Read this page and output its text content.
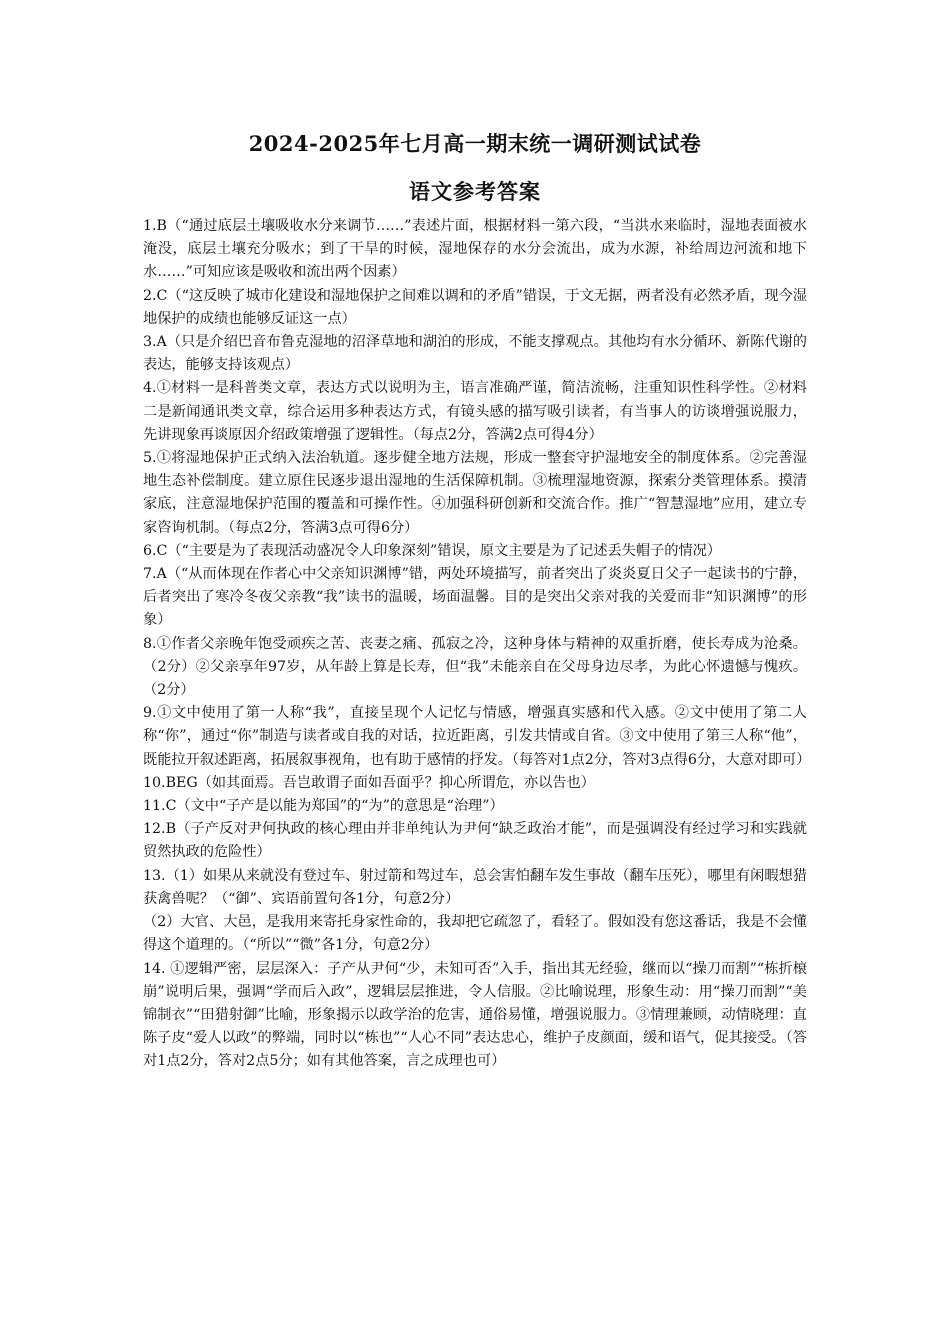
2024-2025年七月高一期末统一调研测试试卷
语文参考答案

1.B（“通过底层土壤吸收水分来调节……”表述片面，根据材料一第六段，“当洪水来临时，湿地表面被水淹没，底层土壤充分吸水；到了干旱的时候，湿地保存的水分会流出，成为水源，补给周边河流和地下水……”可知应该是吸收和流出两个因素）

2.C（“这反映了城市化建设和湿地保护之间难以调和的矛盾”错误，于文无据，两者没有必然矛盾，现今湿地保护的成绩也能够反证这一点）

3.A（只是介绍巴音布鲁克湿地的沼泽草地和湖泊的形成，不能支撑观点。其他均有水分循环、新陈代谢的表达，能够支持该观点）

4.①材料一是科普类文章，表达方式以说明为主，语言准确严谨，简洁流畅，注重知识性科学性。②材料二是新闻通讯类文章，综合运用多种表达方式，有镜头感的描写吸引读者，有当事人的访谈增强说服力，先讲现象再谈原因介绍政策增强了逻辑性。（每点2分，答满2点可得4分）

5.①将湿地保护正式纳入法治轨道。逐步健全地方法规，形成一整套守护湿地安全的制度体系。②完善湿地生态补偿制度。建立原住民逐步退出湿地的生活保障机制。③梳理湿地资源，探索分类管理体系。摸清家底，注意湿地保护范围的覆盖和可操作性。④加强科研创新和交流合作。推广“智慧湿地”应用，建立专家咨询机制。（每点2分，答满3点可得6分）

6.C（“主要是为了表现活动盛况令人印象深刻”错误，原文主要是为了记述丢失帽子的情况）

7.A（“从而体现在作者心中父亲知识渊博”错，两处环境描写，前者突出了炎炎夏日父子一起读书的宁静，后者突出了寒冷冬夜父亲教“我”读书的温暖，场面温馨。目的是突出父亲对我的关爱而非“知识渊博”的形象）

8.①作者父亲晚年饱受顽疾之苦、丧妻之痛、孤寂之冷，这种身体与精神的双重折磨，使长寿成为沧桑。（2分）②父亲享年97岁，从年龄上算是长寿，但“我”未能亲自在父母身边尽孝，为此心怀遗憾与愧疚。（2分）

9.①文中使用了第一人称“我”，直接呈现个人记忆与情感，增强真实感和代入感。②文中使用了第二人称“你”，通过“你”制造与读者或自我的对话，拉近距离，引发共情或自省。③文中使用了第三人称“他”，既能拉开叙述距离，拓展叙事视角，也有助于感情的抒发。（每答对1点2分，答对3点得6分，大意对即可）

10.BEG（如其面焉。吾岂敢谓子面如吾面乎？抑心所谓危，亦以告也）

11.C（文中“子产是以能为郑国”的“为”的意思是“治理”）

12.B（子产反对尹何执政的核心理由并非单纯认为尹何“缺乏政治才能”，而是强调没有经过学习和实践就贸然执政的危险性）

13.（1）如果从来就没有登过车、射过箭和驾过车，总会害怕翻车发生事故（翻车压死），哪里有闲暇想猎获禽兽呢？（“御”、宾语前置句各1分，句意2分）

（2）大官、大邑，是我用来寄托身家性命的，我却把它疏忽了，看轻了。假如没有您这番话，我是不会懂得这个道理的。（“所以”“微”各1分，句意2分）

14. ①逻辑严密，层层深入：子产从尹何“少，未知可否”入手，指出其无经验，继而以“操刀而割”“栋折榱崩”说明后果，强调“学而后入政”，逻辑层层推进，令人信服。②比喻说理，形象生动：用“操刀而割”“美锦制衣”“田猎射御”比喻，形象揭示以政学治的危害，通俗易懂，增强说服力。③情理兼顾，动情晓理：直陈子皮“爱人以政”的弊端，同时以“栋也”“人心不同”表达忠心，维护子皮颜面，缓和语气，促其接受。（答对1点2分，答对2点5分；如有其他答案，言之成理也可）
